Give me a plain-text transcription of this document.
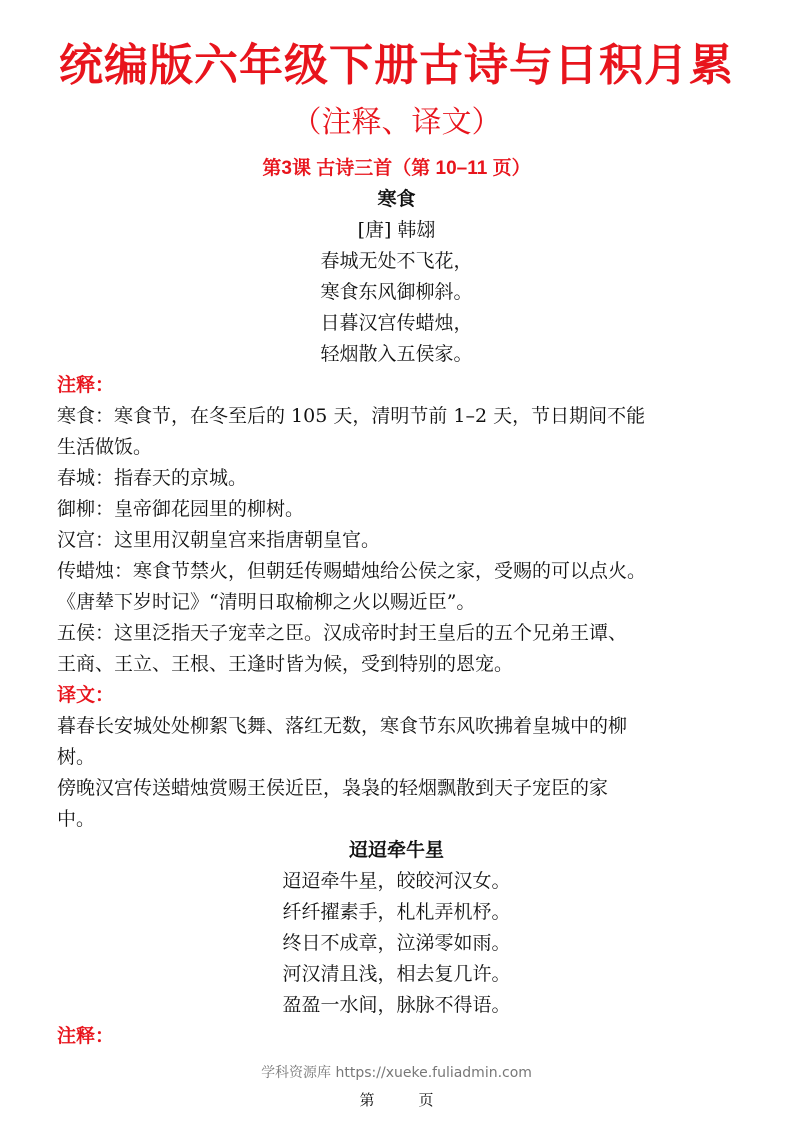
统编版六年级下册古诗与日积月累
（注释、译文）
第3课 古诗三首（第 10–11 页）
寒食
[唐] 韩翃
春城无处不飞花，
寒食东风御柳斜。
日暮汉宫传蜡烛，
轻烟散入五侯家。
注释：
寒食：寒食节，在冬至后的 105 天，清明节前 1–2 天，节日期间不能
生活做饭。
春城：指春天的京城。
御柳：皇帝御花园里的柳树。
汉宫：这里用汉朝皇宫来指唐朝皇官。
传蜡烛：寒食节禁火，但朝廷传赐蜡烛给公侯之家，受赐的可以点火。
《唐辇下岁时记》“清明日取榆柳之火以赐近臣”。
五侯：这里泛指天子宠幸之臣。汉成帝时封王皇后的五个兄弟王谭、
王商、王立、王根、王逢时皆为候，受到特别的恩宠。
译文：
暮春长安城处处柳絮飞舞、落红无数，寒食节东风吹拂着皇城中的柳
树。
傍晚汉宫传送蜡烛赏赐王侯近臣，袅袅的轻烟飘散到天子宠臣的家
中。
迢迢牵牛星
迢迢牵牛星，皎皎河汉女。
纤纤擢素手，札札弄机杼。
终日不成章，泣涕零如雨。
河汉清且浅，相去复几许。
盈盈一水间，脉脉不得语。
注释：
学科资源库 https://xueke.fuliadmin.com
第	页
